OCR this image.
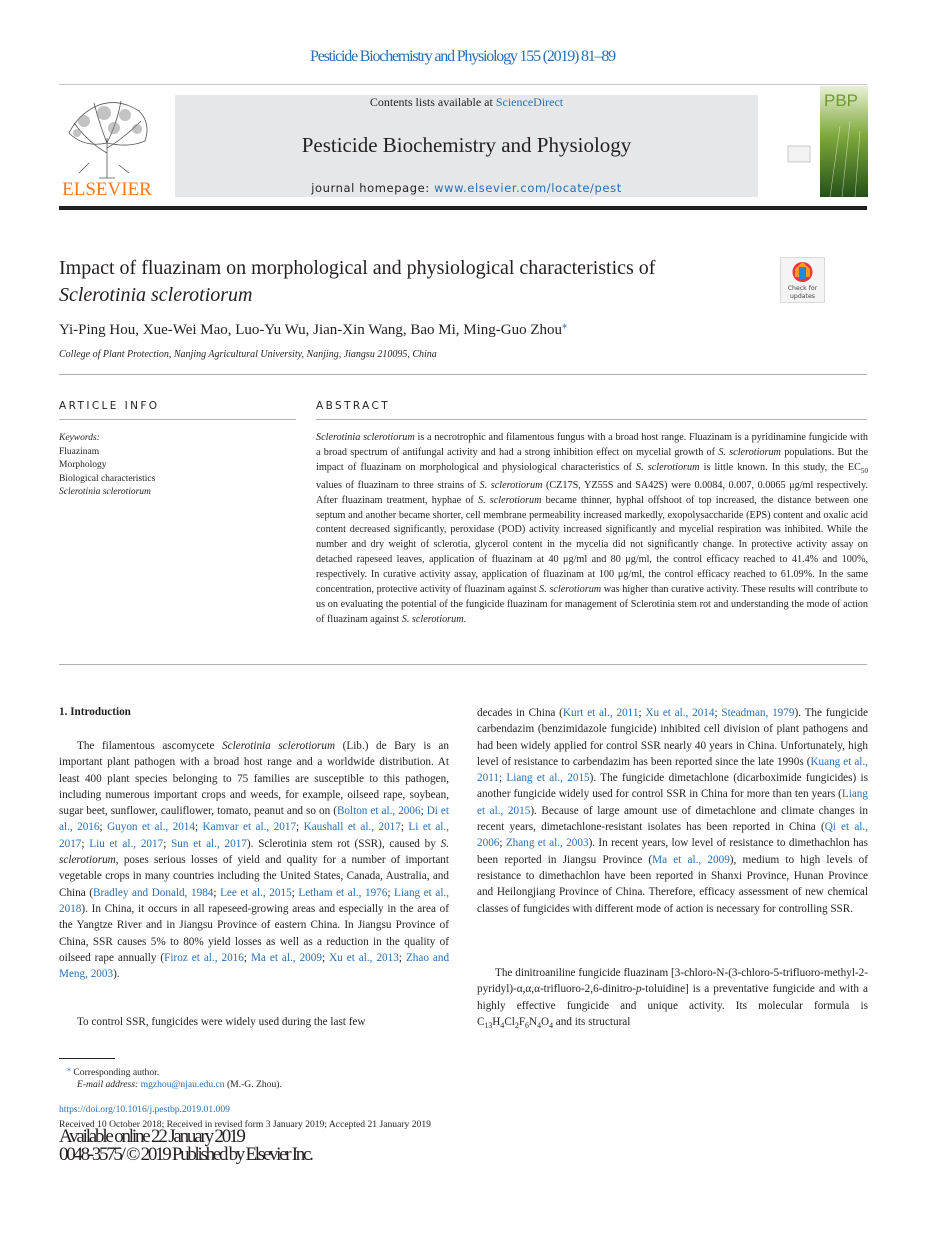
Pesticide Biochemistry and Physiology 155 (2019) 81–89
ELSEVIER
Contents lists available at ScienceDirect
Pesticide Biochemistry and Physiology
journal homepage: www.elsevier.com/locate/pest
PBP
Impact of fluazinam on morphological and physiological characteristics of
Sclerotinia sclerotiorum	Check for
updates
Yi-Ping Hou, Xue-Wei Mao, Luo-Yu Wu, Jian-Xin Wang, Bao Mi, Ming-Guo Zhou⁎
College of Plant Protection, Nanjing Agricultural University, Nanjing, Jiangsu 210095, China
ARTICLE INFO	ABSTRACT
Keywords:
Fluazinam
Morphology
Biological characteristics
Sclerotinia sclerotiorum
Sclerotinia sclerotiorum is a necrotrophic and filamentous fungus with a broad host range. Fluazinam is a pyridinamine fungicide with a broad spectrum of antifungal activity and had a strong inhibition effect on mycelial growth of S. sclerotiorum populations. But the impact of fluazinam on morphological and physiological characteristics of S. sclerotiorum is little known. In this study, the $EC_{50}$ values of fluazinam to three strains of S. sclerotiorum (CZ17S, YZ55S and SA42S) were 0.0084, 0.007, 0.0065 μg/ml respectively. After fluazinam treatment, hyphae of S. sclerotiorum became thinner, hyphal offshoot of top increased, the distance between one septum and another became shorter, cell membrane permeability increased markedly, exopolysaccharide (EPS) content and oxalic acid content decreased significantly, peroxidase (POD) activity increased significantly and mycelial respiration was inhibited. While the number and dry weight of sclerotia, glycerol content in the mycelia did not significantly change. In protective activity assay on detached rapeseed leaves, application of fluazinam at 40 μg/ml and 80 μg/ml, the control efficacy reached to 41.4% and 100%, respectively. In curative activity assay, application of fluazinam at 100 μg/ml, the control efficacy reached to 61.09%. In the same concentration, protective activity of fluazinam against S. sclerotiorum was higher than curative activity. These results will contribute to us on evaluating the potential of the fungicide fluazinam for management of Sclerotinia stem rot and understanding the mode of action of fluazinam against S. sclerotiorum.
1. Introduction
The filamentous ascomycete Sclerotinia sclerotiorum (Lib.) de Bary is an important plant pathogen with a broad host range and a worldwide distribution. At least 400 plant species belonging to 75 families are susceptible to this pathogen, including numerous important crops and weeds, for example, oilseed rape, soybean, sugar beet, sunflower, cauliflower, tomato, peanut and so on (Bolton et al., 2006; Di et al., 2016; Guyon et al., 2014; Kamvar et al., 2017; Kaushall et al., 2017; Li et al., 2017; Liu et al., 2017; Sun et al., 2017). Sclerotinia stem rot (SSR), caused by S. sclerotiorum, poses serious losses of yield and quality for a number of important vegetable crops in many countries including the United States, Canada, Australia, and China (Bradley and Donald, 1984; Lee et al., 2015; Letham et al., 1976; Liang et al., 2018). In China, it occurs in all rapeseed-growing areas and especially in the area of the Yangtze River and in Jiangsu Province of eastern China. In Jiangsu Province of China, SSR causes 5% to 80% yield losses as well as a reduction in the quality of oilseed rape annually (Firoz et al., 2016; Ma et al., 2009; Xu et al., 2013; Zhao and Meng, 2003).
To control SSR, fungicides were widely used during the last few
decades in China (Kurt et al., 2011; Xu et al., 2014; Steadman, 1979). The fungicide carbendazim (benzimidazole fungicide) inhibited cell division of plant pathogens and had been widely applied for control SSR nearly 40 years in China. Unfortunately, high level of resistance to carbendazim has been reported since the late 1990s (Kuang et al., 2011; Liang et al., 2015). The fungicide dimetachlone (dicarboximide fungicides) is another fungicide widely used for control SSR in China for more than ten years (Liang et al., 2015). Because of large amount use of dimetachlone and climate changes in recent years, dimetachlone-resistant isolates has been reported in China (Qi et al., 2006; Zhang et al., 2003). In recent years, low level of resistance to dimethachlon has been reported in Jiangsu Province (Ma et al., 2009), medium to high levels of resistance to dimethachlon have been reported in Shanxi Province, Hunan Province and Heilongjiang Province of China. Therefore, efficacy assessment of new chemical classes of fungicides with different mode of action is necessary for controlling SSR.
The dinitroaniline fungicide fluazinam [3-chloro-N-(3-chloro-5-trifluoro-methyl-2-pyridyl)-α,α,α-trifluoro-2,6-dinitro-p-toluidine] is a preventative fungicide and with a highly effective fungicide and unique activity. Its molecular formula is $C_{13}H_4Cl_2F_6N_4O_4$ and its structural
⁎ Corresponding author.
E-mail address: mgzhou@njau.edu.cn (M.-G. Zhou).
https://doi.org/10.1016/j.pestbp.2019.01.009
Received 10 October 2018; Received in revised form 3 January 2019; Accepted 21 January 2019
Available online 22 January 2019
0048-3575/ © 2019 Published by Elsevier Inc.
